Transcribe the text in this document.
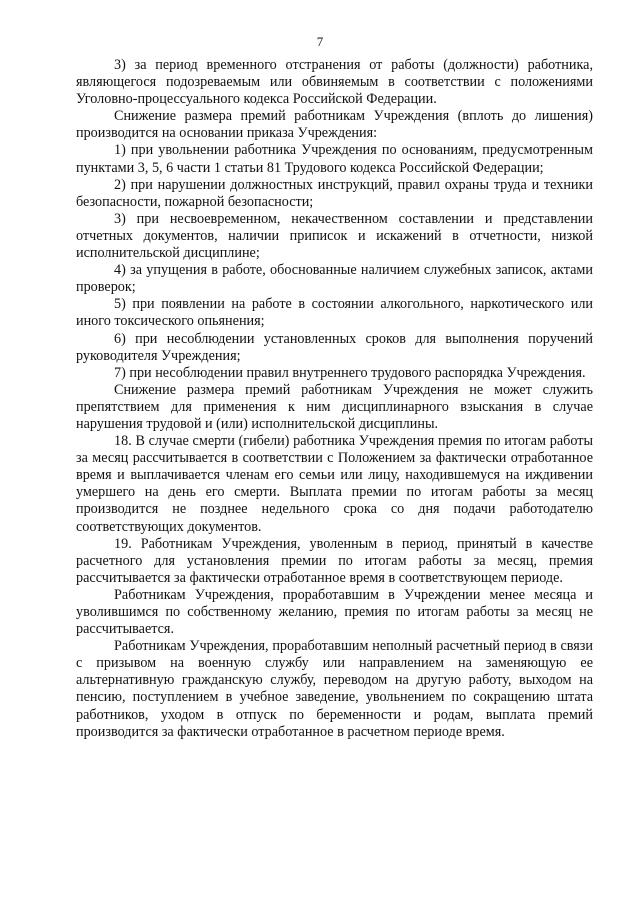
7

3) за период временного отстранения от работы (должности) работника, являющегося подозреваемым или обвиняемым в соответствии с положениями Уголовно-процессуального кодекса Российской Федерации.

Снижение размера премий работникам Учреждения (вплоть до лишения) производится на основании приказа Учреждения:

1) при увольнении работника Учреждения по основаниям, предусмотренным пунктами 3, 5, 6 части 1 статьи 81 Трудового кодекса Российской Федерации;

2) при нарушении должностных инструкций, правил охраны труда и техники безопасности, пожарной безопасности;

3) при несвоевременном, некачественном составлении и представлении отчетных документов, наличии приписок и искажений в отчетности, низкой исполнительской дисциплине;

4) за упущения в работе, обоснованные наличием служебных записок, актами проверок;

5) при появлении на работе в состоянии алкогольного, наркотического или иного токсического опьянения;

6) при несоблюдении установленных сроков для выполнения поручений руководителя Учреждения;

7) при несоблюдении правил внутреннего трудового распорядка Учреждения.

Снижение размера премий работникам Учреждения не может служить препятствием для применения к ним дисциплинарного взыскания в случае нарушения трудовой и (или) исполнительской дисциплины.

18. В случае смерти (гибели) работника Учреждения премия по итогам работы за месяц рассчитывается в соответствии с Положением за фактически отработанное время и выплачивается членам его семьи или лицу, находившемуся на иждивении умершего на день его смерти. Выплата премии по итогам работы за месяц производится не позднее недельного срока со дня подачи работодателю соответствующих документов.

19. Работникам Учреждения, уволенным в период, принятый в качестве расчетного для установления премии по итогам работы за месяц, премия рассчитывается за фактически отработанное время в соответствующем периоде.

Работникам Учреждения, проработавшим в Учреждении менее месяца и уволившимся по собственному желанию, премия по итогам работы за месяц не рассчитывается.

Работникам Учреждения, проработавшим неполный расчетный период в связи с призывом на военную службу или направлением на заменяющую ее альтернативную гражданскую службу, переводом на другую работу, выходом на пенсию, поступлением в учебное заведение, увольнением по сокращению штата работников, уходом в отпуск по беременности и родам, выплата премий производится за фактически отработанное в расчетном периоде время.
